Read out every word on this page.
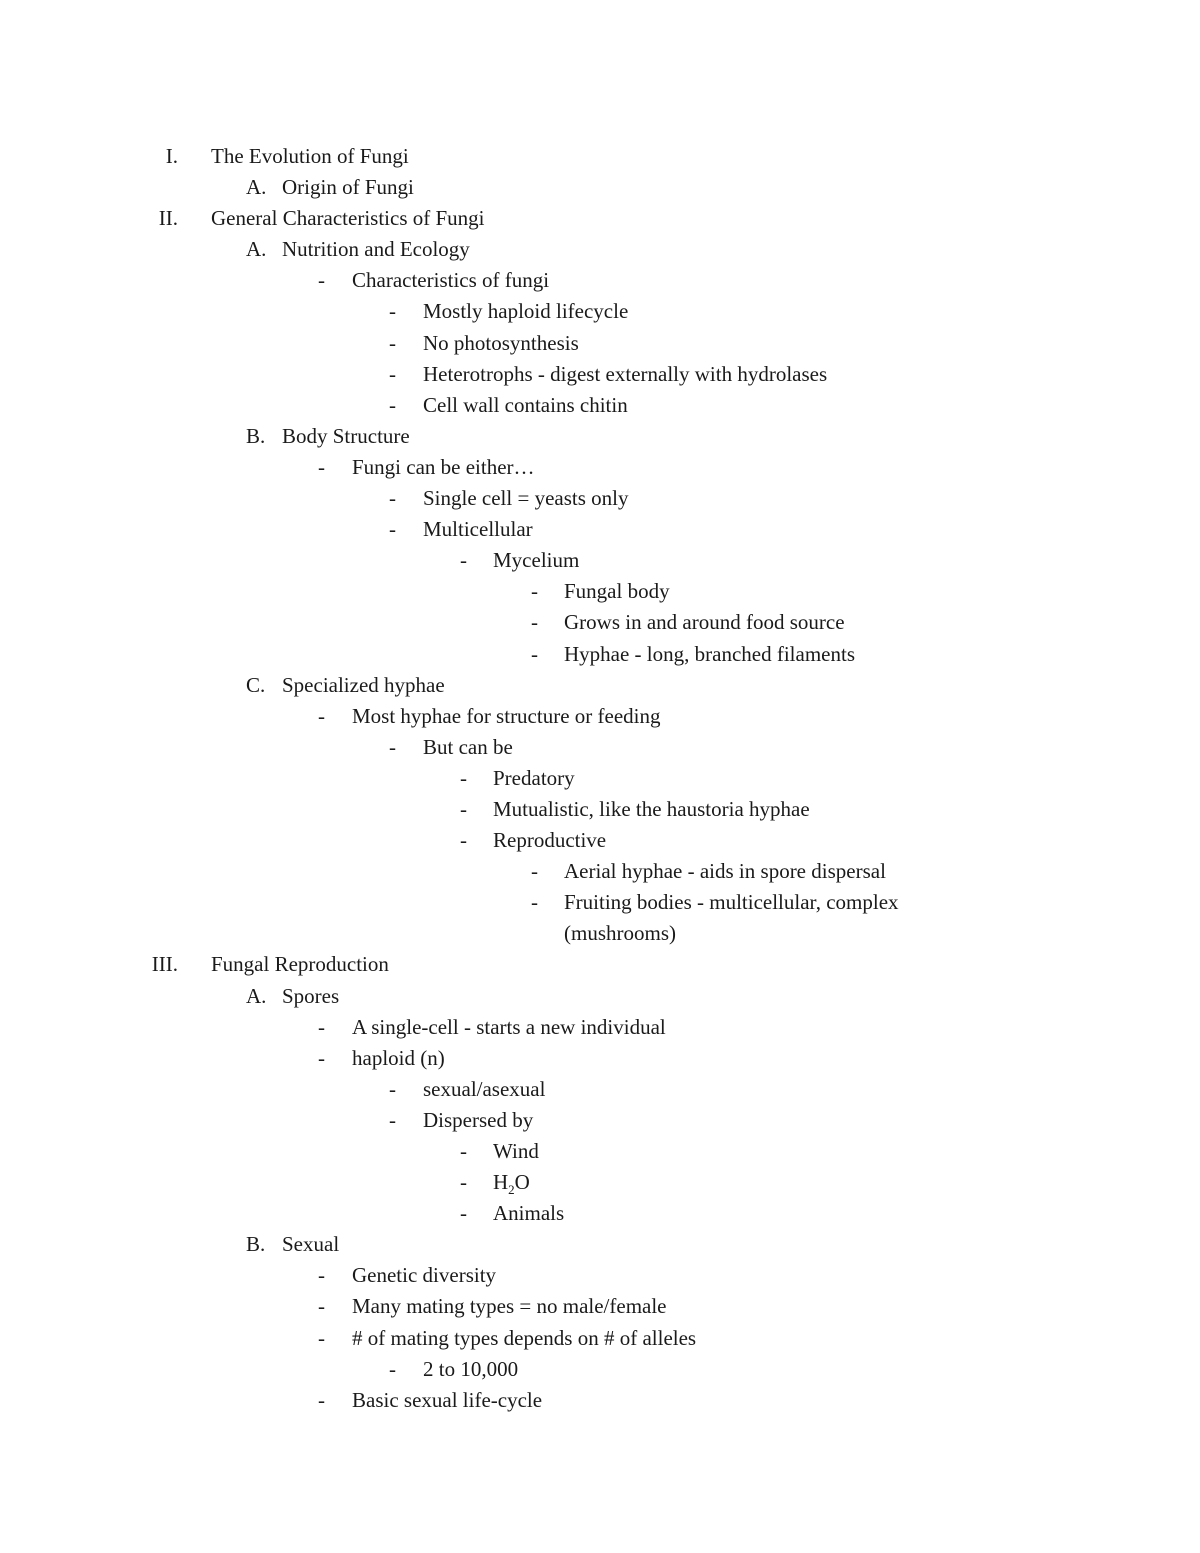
I. The Evolution of Fungi
A. Origin of Fungi
II. General Characteristics of Fungi
A. Nutrition and Ecology
- Characteristics of fungi
- Mostly haploid lifecycle
- No photosynthesis
- Heterotrophs - digest externally with hydrolases
- Cell wall contains chitin
B. Body Structure
- Fungi can be either…
- Single cell = yeasts only
- Multicellular
- Mycelium
- Fungal body
- Grows in and around food source
- Hyphae - long, branched filaments
C. Specialized hyphae
- Most hyphae for structure or feeding
- But can be
- Predatory
- Mutualistic, like the haustoria hyphae
- Reproductive
- Aerial hyphae - aids in spore dispersal
- Fruiting bodies - multicellular, complex (mushrooms)
III. Fungal Reproduction
A. Spores
- A single-cell - starts a new individual
- haploid (n)
- sexual/asexual
- Dispersed by
- Wind
- $H_2O$
- Animals
B. Sexual
- Genetic diversity
- Many mating types = no male/female
- # of mating types depends on # of alleles
- 2 to 10,000
- Basic sexual life-cycle
